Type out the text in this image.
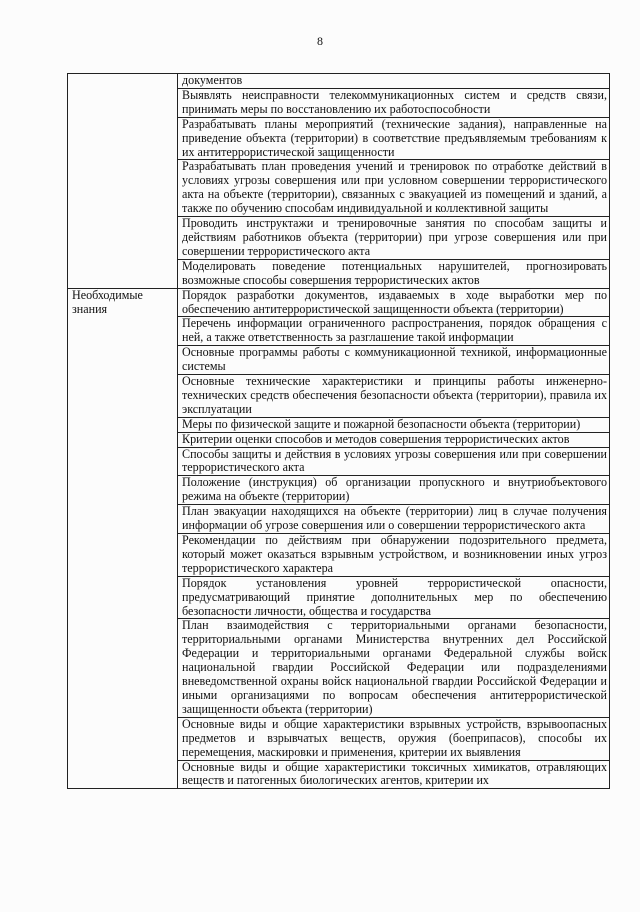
8
	документов
	Выявлять неисправности телекоммуникационных систем и средств связи, принимать меры по восстановлению их работоспособности
	Разрабатывать планы мероприятий (технические задания), направленные на приведение объекта (территории) в соответствие предъявляемым требованиям к их антитеррористической защищенности
	Разрабатывать план проведения учений и тренировок по отработке действий в условиях угрозы совершения или при условном совершении террористического акта на объекте (территории), связанных с эвакуацией из помещений и зданий, а также по обучению способам индивидуальной и коллективной защиты
	Проводить инструктажи и тренировочные занятия по способам защиты и действиям работников объекта (территории) при угрозе совершения или при совершении террористического акта
	Моделировать поведение потенциальных нарушителей, прогнозировать возможные способы совершения террористических актов
Необходимые знания	Порядок разработки документов, издаваемых в ходе выработки мер по обеспечению антитеррористической защищенности объекта (территории)
	Перечень информации ограниченного распространения, порядок обращения с ней, а также ответственность за разглашение такой информации
	Основные программы работы с коммуникационной техникой, информационные системы
	Основные технические характеристики и принципы работы инженерно-технических средств обеспечения безопасности объекта (территории), правила их эксплуатации
	Меры по физической защите и пожарной безопасности объекта (территории)
	Критерии оценки способов и методов совершения террористических актов
	Способы защиты и действия в условиях угрозы совершения или при совершении террористического акта
	Положение (инструкция) об организации пропускного и внутриобъектового режима на объекте (территории)
	План эвакуации находящихся на объекте (территории) лиц в случае получения информации об угрозе совершения или о совершении террористического акта
	Рекомендации по действиям при обнаружении подозрительного предмета, который может оказаться взрывным устройством, и возникновении иных угроз террористического характера
	Порядок установления уровней террористической опасности, предусматривающий принятие дополнительных мер по обеспечению безопасности личности, общества и государства
	План взаимодействия с территориальными органами безопасности, территориальными органами Министерства внутренних дел Российской Федерации и территориальными органами Федеральной службы войск национальной гвардии Российской Федерации или подразделениями вневедомственной охраны войск национальной гвардии Российской Федерации и иными организациями по вопросам обеспечения антитеррористической защищенности объекта (территории)
	Основные виды и общие характеристики взрывных устройств, взрывоопасных предметов и взрывчатых веществ, оружия (боеприпасов), способы их перемещения, маскировки и применения, критерии их выявления
	Основные виды и общие характеристики токсичных химикатов, отравляющих веществ и патогенных биологических агентов, критерии их
